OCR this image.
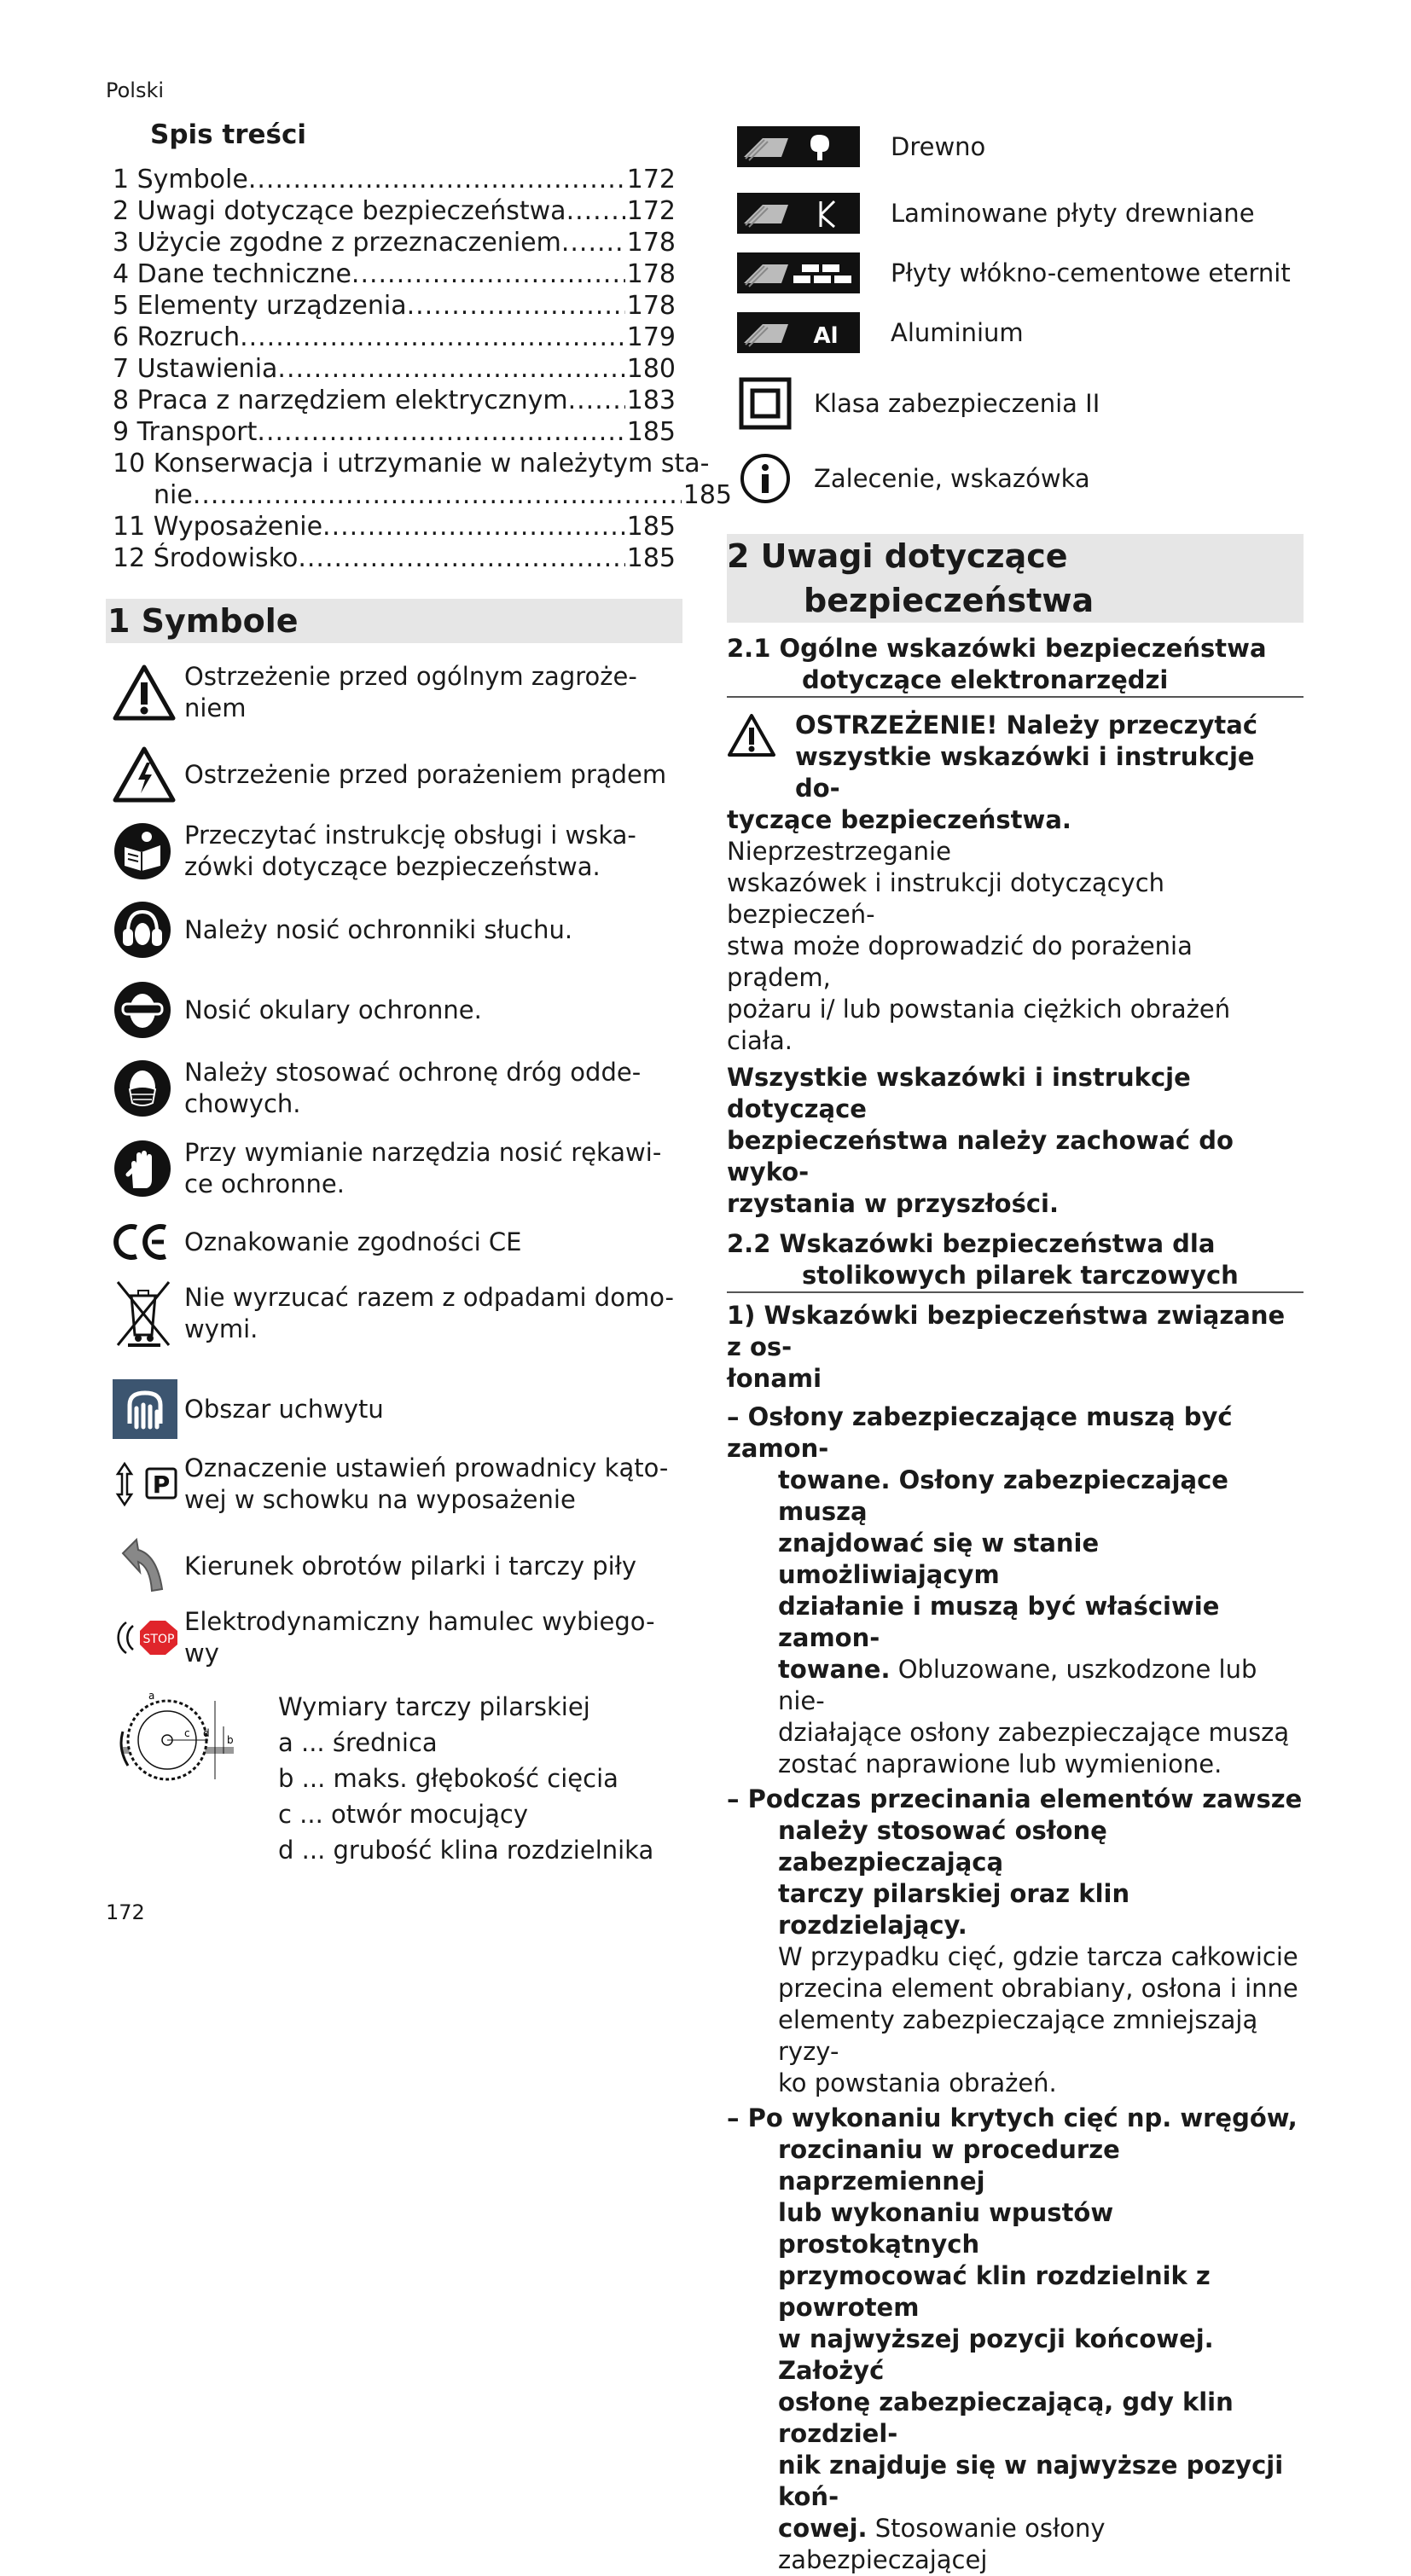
Polski
172
Spis treści
1 Symbole .....	172
2 Uwagi dotyczące bezpieczeństwa ..... 172
3 Użycie zgodne z przeznaczeniem .....	178
4 Dane techniczne .....	178
5 Elementy urządzenia .....	178
6 Rozruch .....	179
7 Ustawienia .....	180
8 Praca z narzędziem elektrycznym ..... 183
9 Transport .....	185
10 Konserwacja i utrzymanie w należytym sta-
nie .....	185
11 Wyposażenie .....	185
12 Środowisko .....	185
1 Symbole
Ostrzeżenie przed ogólnym zagroże-
niem
Ostrzeżenie przed porażeniem prądem
Przeczytać instrukcję obsługi i wska-
zówki dotyczące bezpieczeństwa.
Należy nosić ochronniki słuchu.
Nosić okulary ochronne.
Należy stosować ochronę dróg odde-
chowych.
Przy wymianie narzędzia nosić rękawi-
ce ochronne.
Oznakowanie zgodności CE
Nie wyrzucać razem z odpadami domo-
wymi.
Obszar uchwytu
P
Oznaczenie ustawień prowadnicy kąto-
wej w schowku na wyposażenie
Kierunek obrotów pilarki i tarczy piły
STOP
Elektrodynamiczny hamulec wybiego-
wy
a
b
c d
Wymiary tarczy pilarskiej
a ... średnica
b ... maks. głębokość cięcia
c ... otwór mocujący
d ... grubość klina rozdzielnika
Drewno
Laminowane płyty drewniane
Płyty włókno-cementowe eternit
Al Aluminium
Klasa zabezpieczenia II
Zalecenie, wskazówka
2 Uwagi dotyczące
bezpieczeństwa
2.1 Ogólne wskazówki bezpieczeństwa
dotyczące elektronarzędzi
OSTRZEŻENIE! Należy przeczytać
wszystkie wskazówki i instrukcje do-
tyczące bezpieczeństwa. Nieprzestrzeganie
wskazówek i instrukcji dotyczących bezpieczeń-
stwa może doprowadzić do porażenia prądem,
pożaru i/ lub powstania ciężkich obrażeń ciała.
Wszystkie wskazówki i instrukcje dotyczące
bezpieczeństwa należy zachować do wyko-
rzystania w przyszłości.
2.2 Wskazówki bezpieczeństwa dla
stolikowych pilarek tarczowych
1) Wskazówki bezpieczeństwa związane z os-
łonami
– Osłony zabezpieczające muszą być zamon-
towane. Osłony zabezpieczające muszą
znajdować się w stanie umożliwiającym
działanie i muszą być właściwie zamon-
towane. Obluzowane, uszkodzone lub nie-
działające osłony zabezpieczające muszą
zostać naprawione lub wymienione.
– Podczas przecinania elementów zawsze
należy stosować osłonę zabezpieczającą
tarczy pilarskiej oraz klin rozdzielający.
W przypadku cięć, gdzie tarcza całkowicie
przecina element obrabiany, osłona i inne
elementy zabezpieczające zmniejszają ryzy-
ko powstania obrażeń.
– Po wykonaniu krytych cięć np. wręgów,
rozcinaniu w procedurze naprzemiennej
lub wykonaniu wpustów prostokątnych
przymocować klin rozdzielnik z powrotem
w najwyższej pozycji końcowej. Założyć
osłonę zabezpieczającą, gdy klin rozdziel-
nik znajduje się w najwyższe pozycji koń-
cowej. Stosowanie osłony zabezpieczającej
